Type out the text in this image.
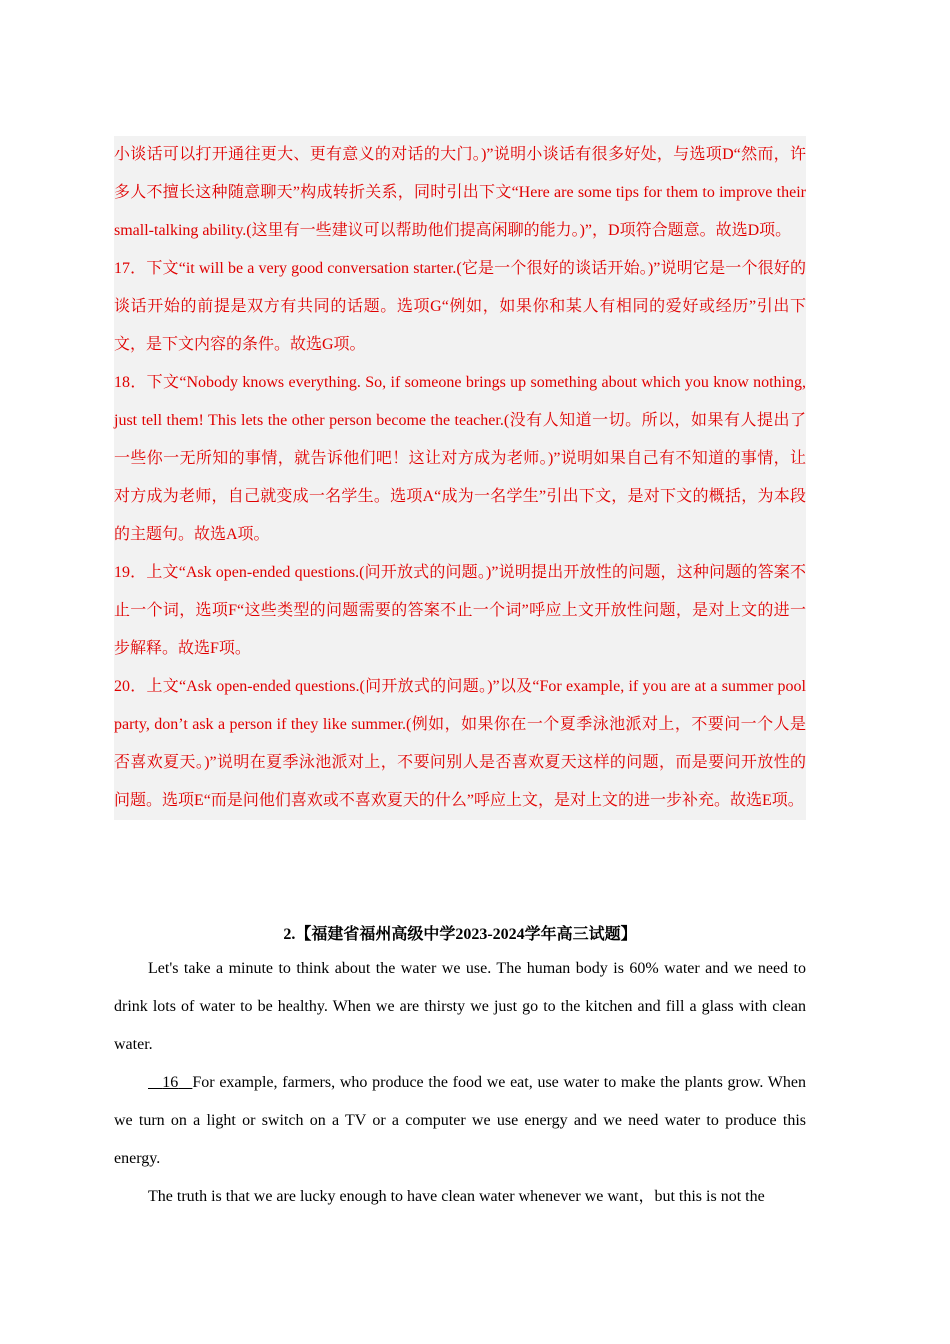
小谈话可以打开通往更大、更有意义的对话的大门。)”说明小谈话有很多好处，与选项D“然而，许多人不擅长这种随意聊天”构成转折关系，同时引出下文“Here are some tips for them to improve their small-talking ability.(这里有一些建议可以帮助他们提高闲聊的能力。)”，D项符合题意。故选D项。

17．下文“it will be a very good conversation starter.(它是一个很好的谈话开始。)”说明它是一个很好的谈话开始的前提是双方有共同的话题。选项G“例如，如果你和某人有相同的爱好或经历”引出下文，是下文内容的条件。故选G项。

18．下文“Nobody knows everything. So, if someone brings up something about which you know nothing, just tell them! This lets the other person become the teacher.(没有人知道一切。所以，如果有人提出了一些你一无所知的事情，就告诉他们吧！这让对方成为老师。)”说明如果自己有不知道的事情，让对方成为老师，自己就变成一名学生。选项A“成为一名学生”引出下文，是对下文的概括，为本段的主题句。故选A项。

19．上文“Ask open-ended questions.(问开放式的问题。)”说明提出开放性的问题，这种问题的答案不止一个词，选项F“这些类型的问题需要的答案不止一个词”呼应上文开放性问题，是对上文的进一步解释。故选F项。

20．上文“Ask open-ended questions.(问开放式的问题。)”以及“For example, if you are at a summer pool party, don’t ask a person if they like summer.(例如，如果你在一个夏季泳池派对上，不要问一个人是否喜欢夏天。)”说明在夏季泳池派对上，不要问别人是否喜欢夏天这样的问题，而是要问开放性的问题。选项E“而是问他们喜欢或不喜欢夏天的什么”呼应上文，是对上文的进一步补充。故选E项。

2.【福建省福州高级中学2023-2024学年高三试题】

Let's take a minute to think about the water we use. The human body is 60% water and we need to drink lots of water to be healthy. When we are thirsty we just go to the kitchen and fill a glass with clean water.

16 For example, farmers, who produce the food we eat, use water to make the plants grow. When we turn on a light or switch on a TV or a computer we use energy and we need water to produce this energy.

The truth is that we are lucky enough to have clean water whenever we want，but this is not the
